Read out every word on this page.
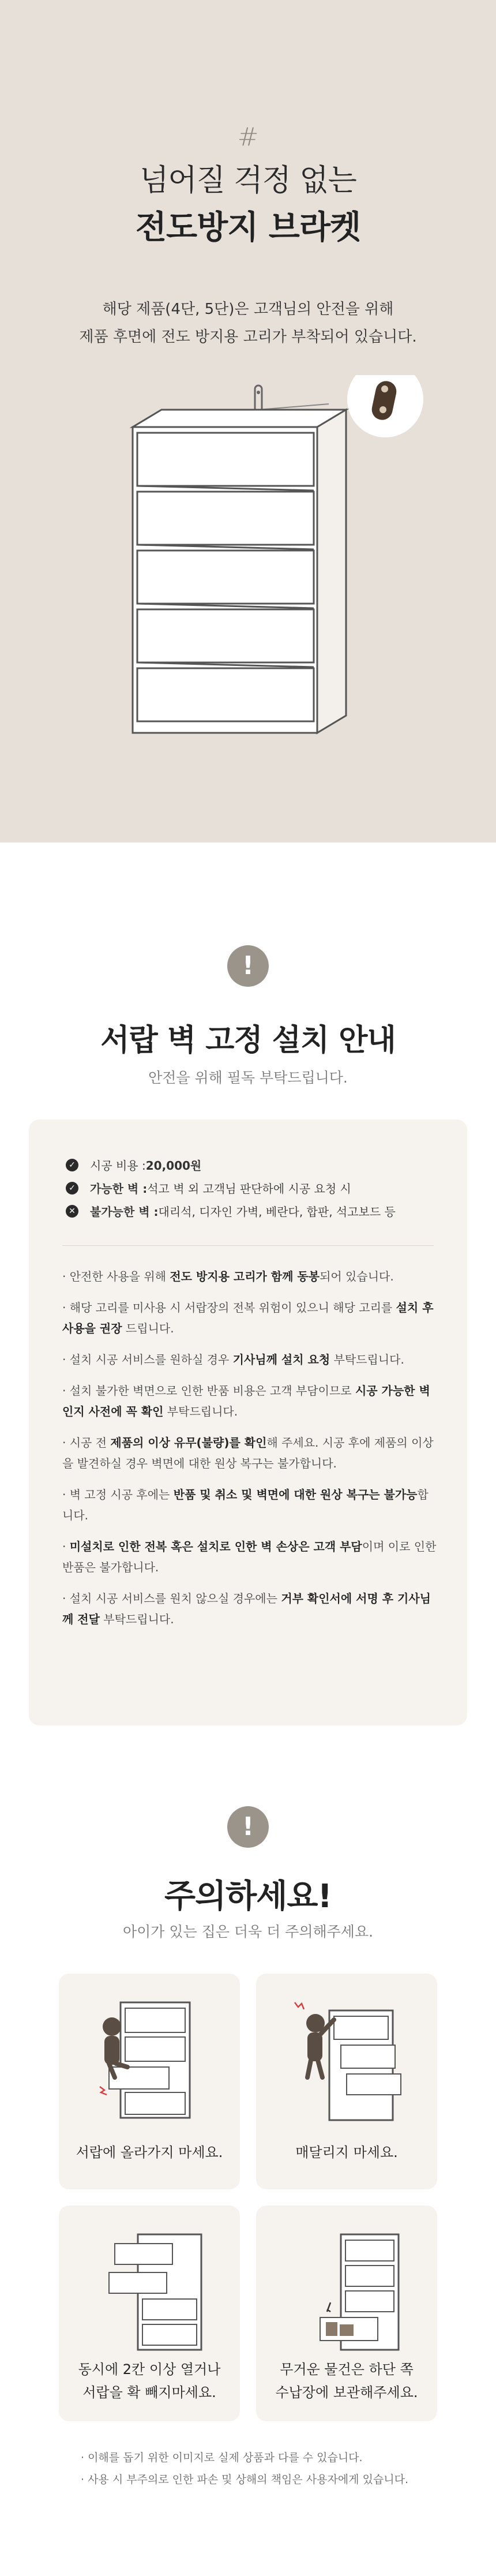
#
넘어질 걱정 없는
전도방지 브라켓
해당 제품(4단, 5단)은 고객님의 안전을 위해
제품 후면에 전도 방지용 고리가 부착되어 있습니다.
!
서랍 벽 고정 설치 안내
안전을 위해 필독 부탁드립니다.
✓ 시공 비용 : 20,000원
✓ 가능한 벽 : 석고 벽 외 고객님 판단하에 시공 요청 시
✕ 불가능한 벽 : 대리석, 디자인 가벽, 베란다, 합판, 석고보드 등

· 안전한 사용을 위해 전도 방지용 고리가 함께 동봉되어 있습니다.

· 해당 고리를 미사용 시 서랍장의 전복 위험이 있으니 해당 고리를 설치 후 사용을 권장 드립니다.

· 설치 시공 서비스를 원하실 경우 기사님께 설치 요청 부탁드립니다.

· 설치 불가한 벽면으로 인한 반품 비용은 고객 부담이므로 시공 가능한 벽인지 사전에 꼭 확인 부탁드립니다.

· 시공 전 제품의 이상 유무(불량)를 확인해 주세요. 시공 후에 제품의 이상을 발견하실 경우 벽면에 대한 원상 복구는 불가합니다.

· 벽 고정 시공 후에는 반품 및 취소 및 벽면에 대한 원상 복구는 불가능합니다.

· 미설치로 인한 전복 혹은 설치로 인한 벽 손상은 고객 부담이며 이로 인한 반품은 불가합니다.

· 설치 시공 서비스를 원치 않으실 경우에는 거부 확인서에 서명 후 기사님께 전달 부탁드립니다.

!
주의하세요!
아이가 있는 집은 더욱 더 주의해주세요.
서랍에 올라가지 마세요.	매달리지 마세요.
동시에 2칸 이상 열거나
서랍을 확 빼지마세요.
무거운 물건은 하단 쪽
수납장에 보관해주세요.
· 이해를 돕기 위한 이미지로 실제 상품과 다를 수 있습니다.
· 사용 시 부주의로 인한 파손 및 상해의 책임은 사용자에게 있습니다.
